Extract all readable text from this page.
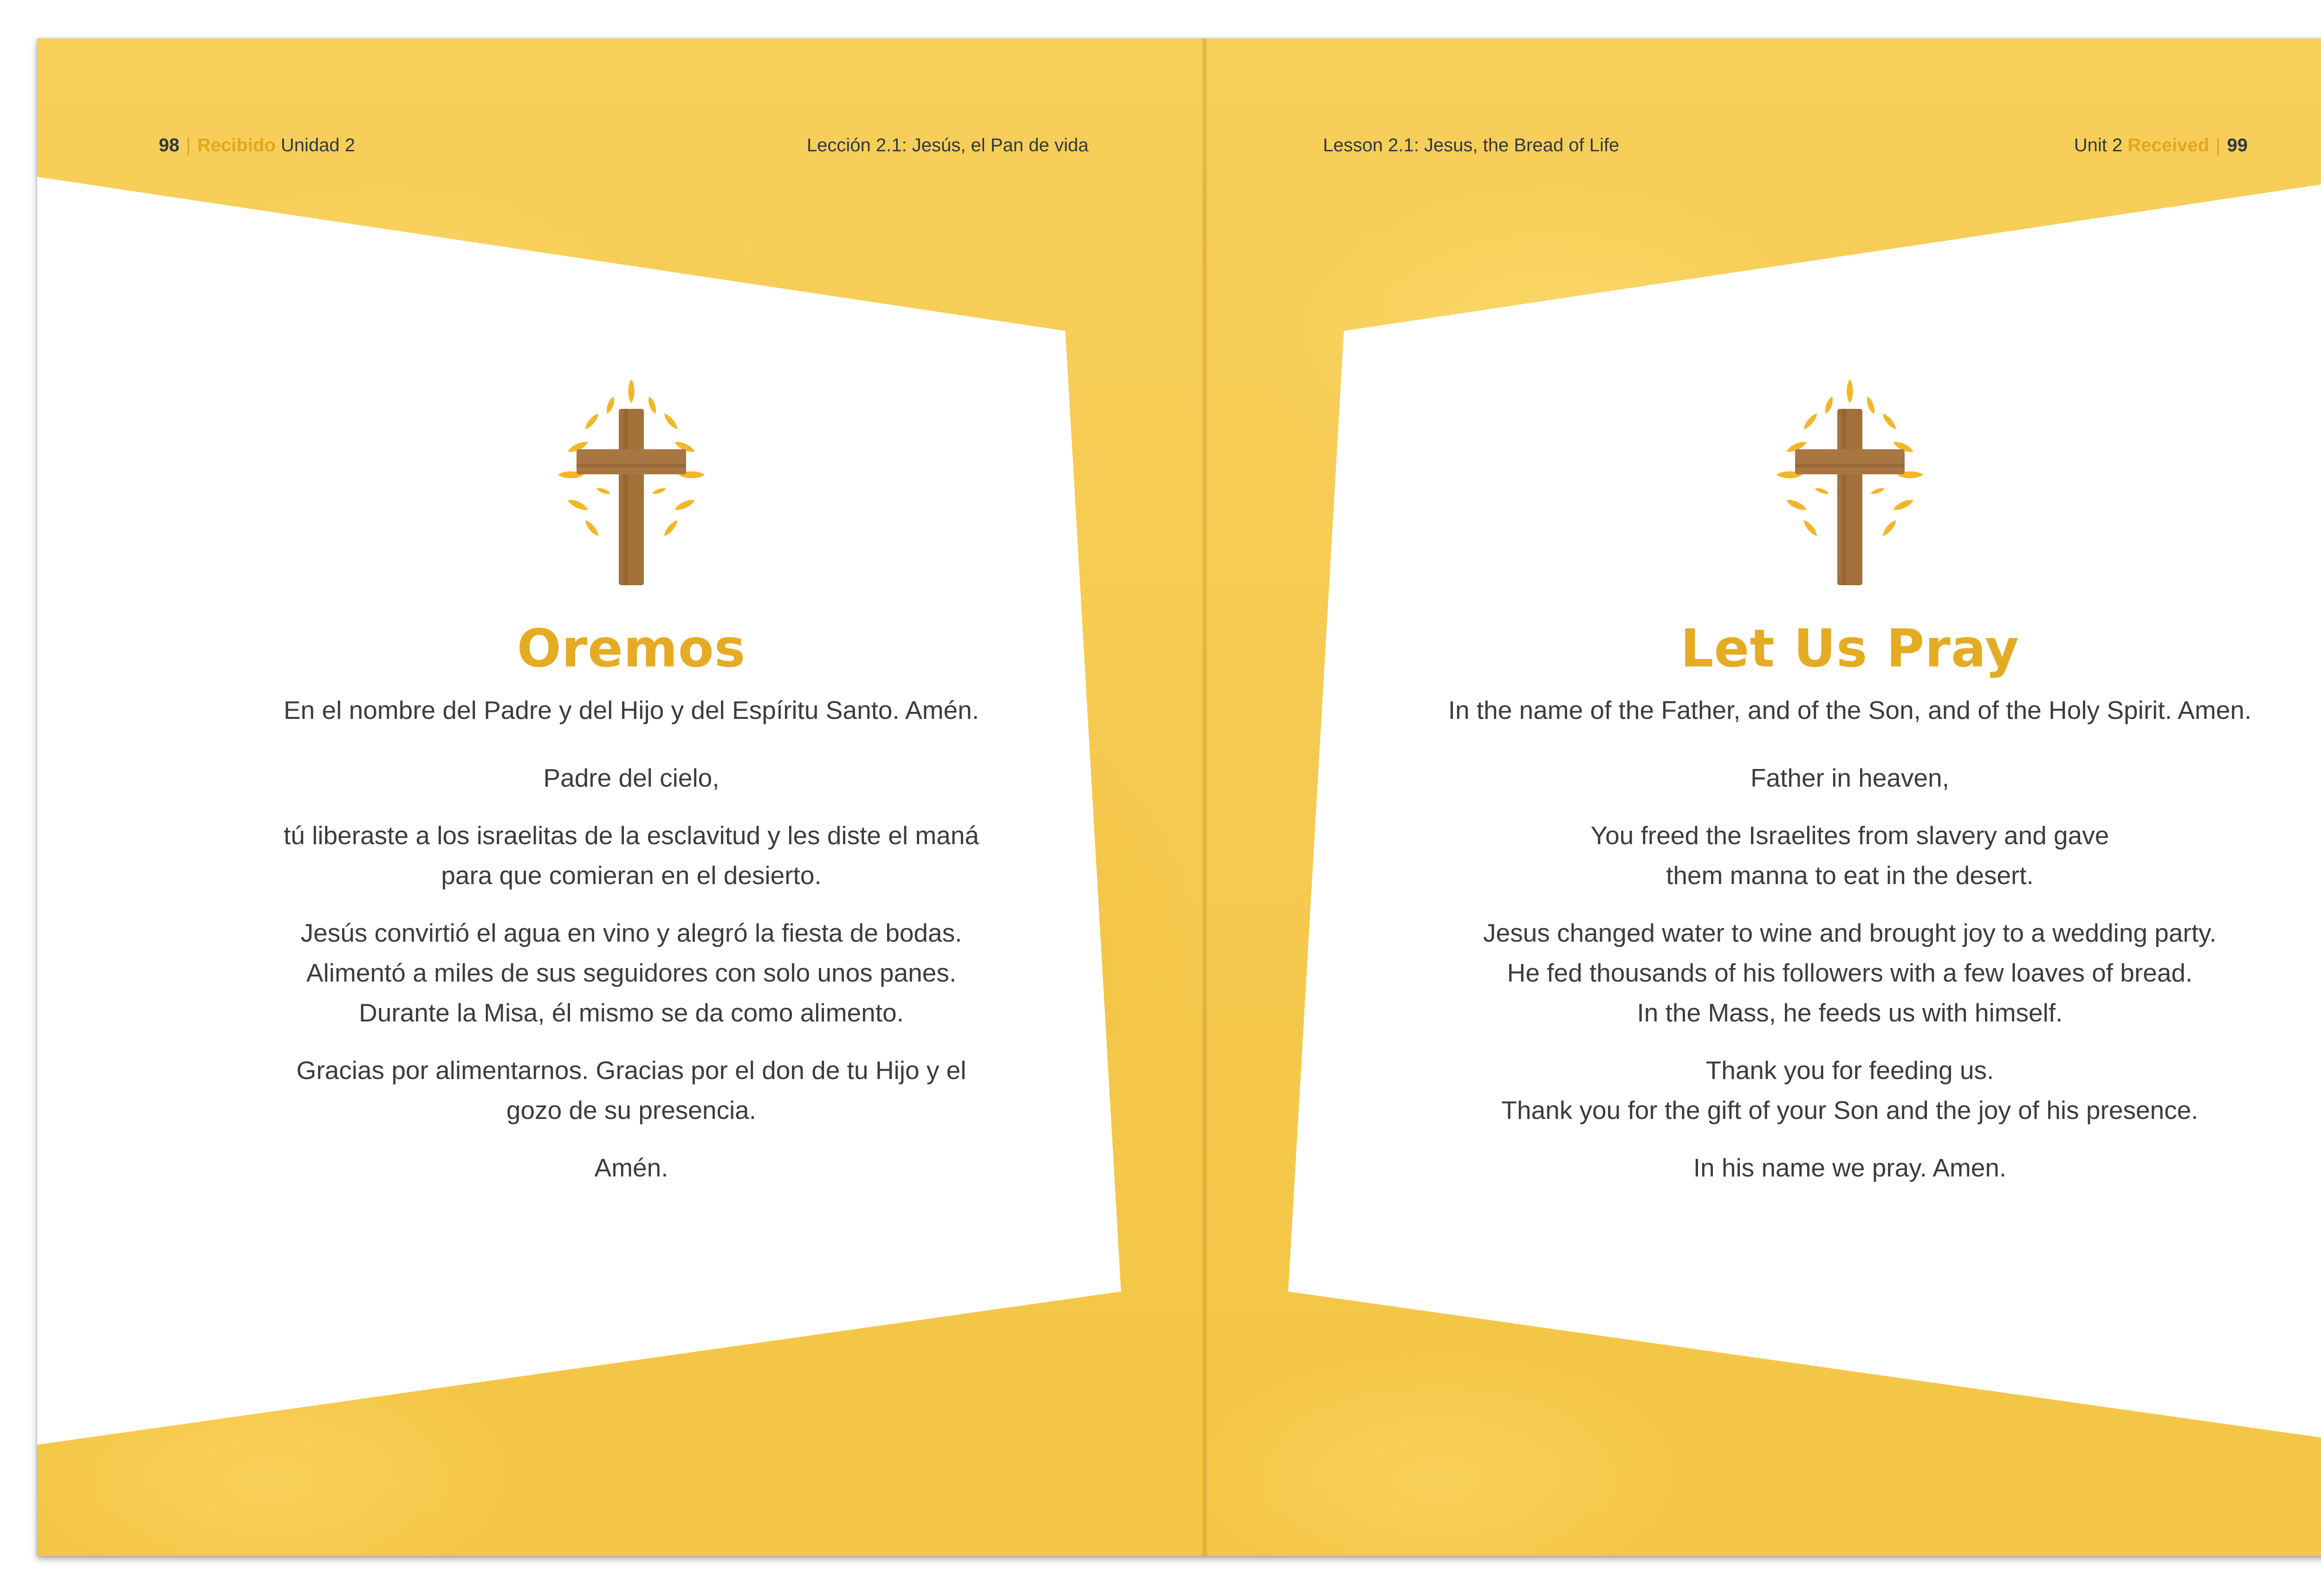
98 | Recibido Unidad 2	Lección 2.1: Jesús, el Pan de vida
Oremos

En el nombre del Padre y del Hijo y del Espíritu Santo. Amén.

Padre del cielo,

tú liberaste a los israelitas de la esclavitud y les diste el maná

para que comieran en el desierto.

Jesús convirtió el agua en vino y alegró la fiesta de bodas.

Alimentó a miles de sus seguidores con solo unos panes.

Durante la Misa, él mismo se da como alimento.

Gracias por alimentarnos. Gracias por el don de tu Hijo y el

gozo de su presencia.

Amén.

Lesson 2.1: Jesus, the Bread of Life	Unit 2 Received | 99
Let Us Pray

In the name of the Father, and of the Son, and of the Holy Spirit. Amen.

Father in heaven,

You freed the Israelites from slavery and gave

them manna to eat in the desert.

Jesus changed water to wine and brought joy to a wedding party.

He fed thousands of his followers with a few loaves of bread.

In the Mass, he feeds us with himself.

Thank you for feeding us.

Thank you for the gift of your Son and the joy of his presence.

In his name we pray. Amen.
